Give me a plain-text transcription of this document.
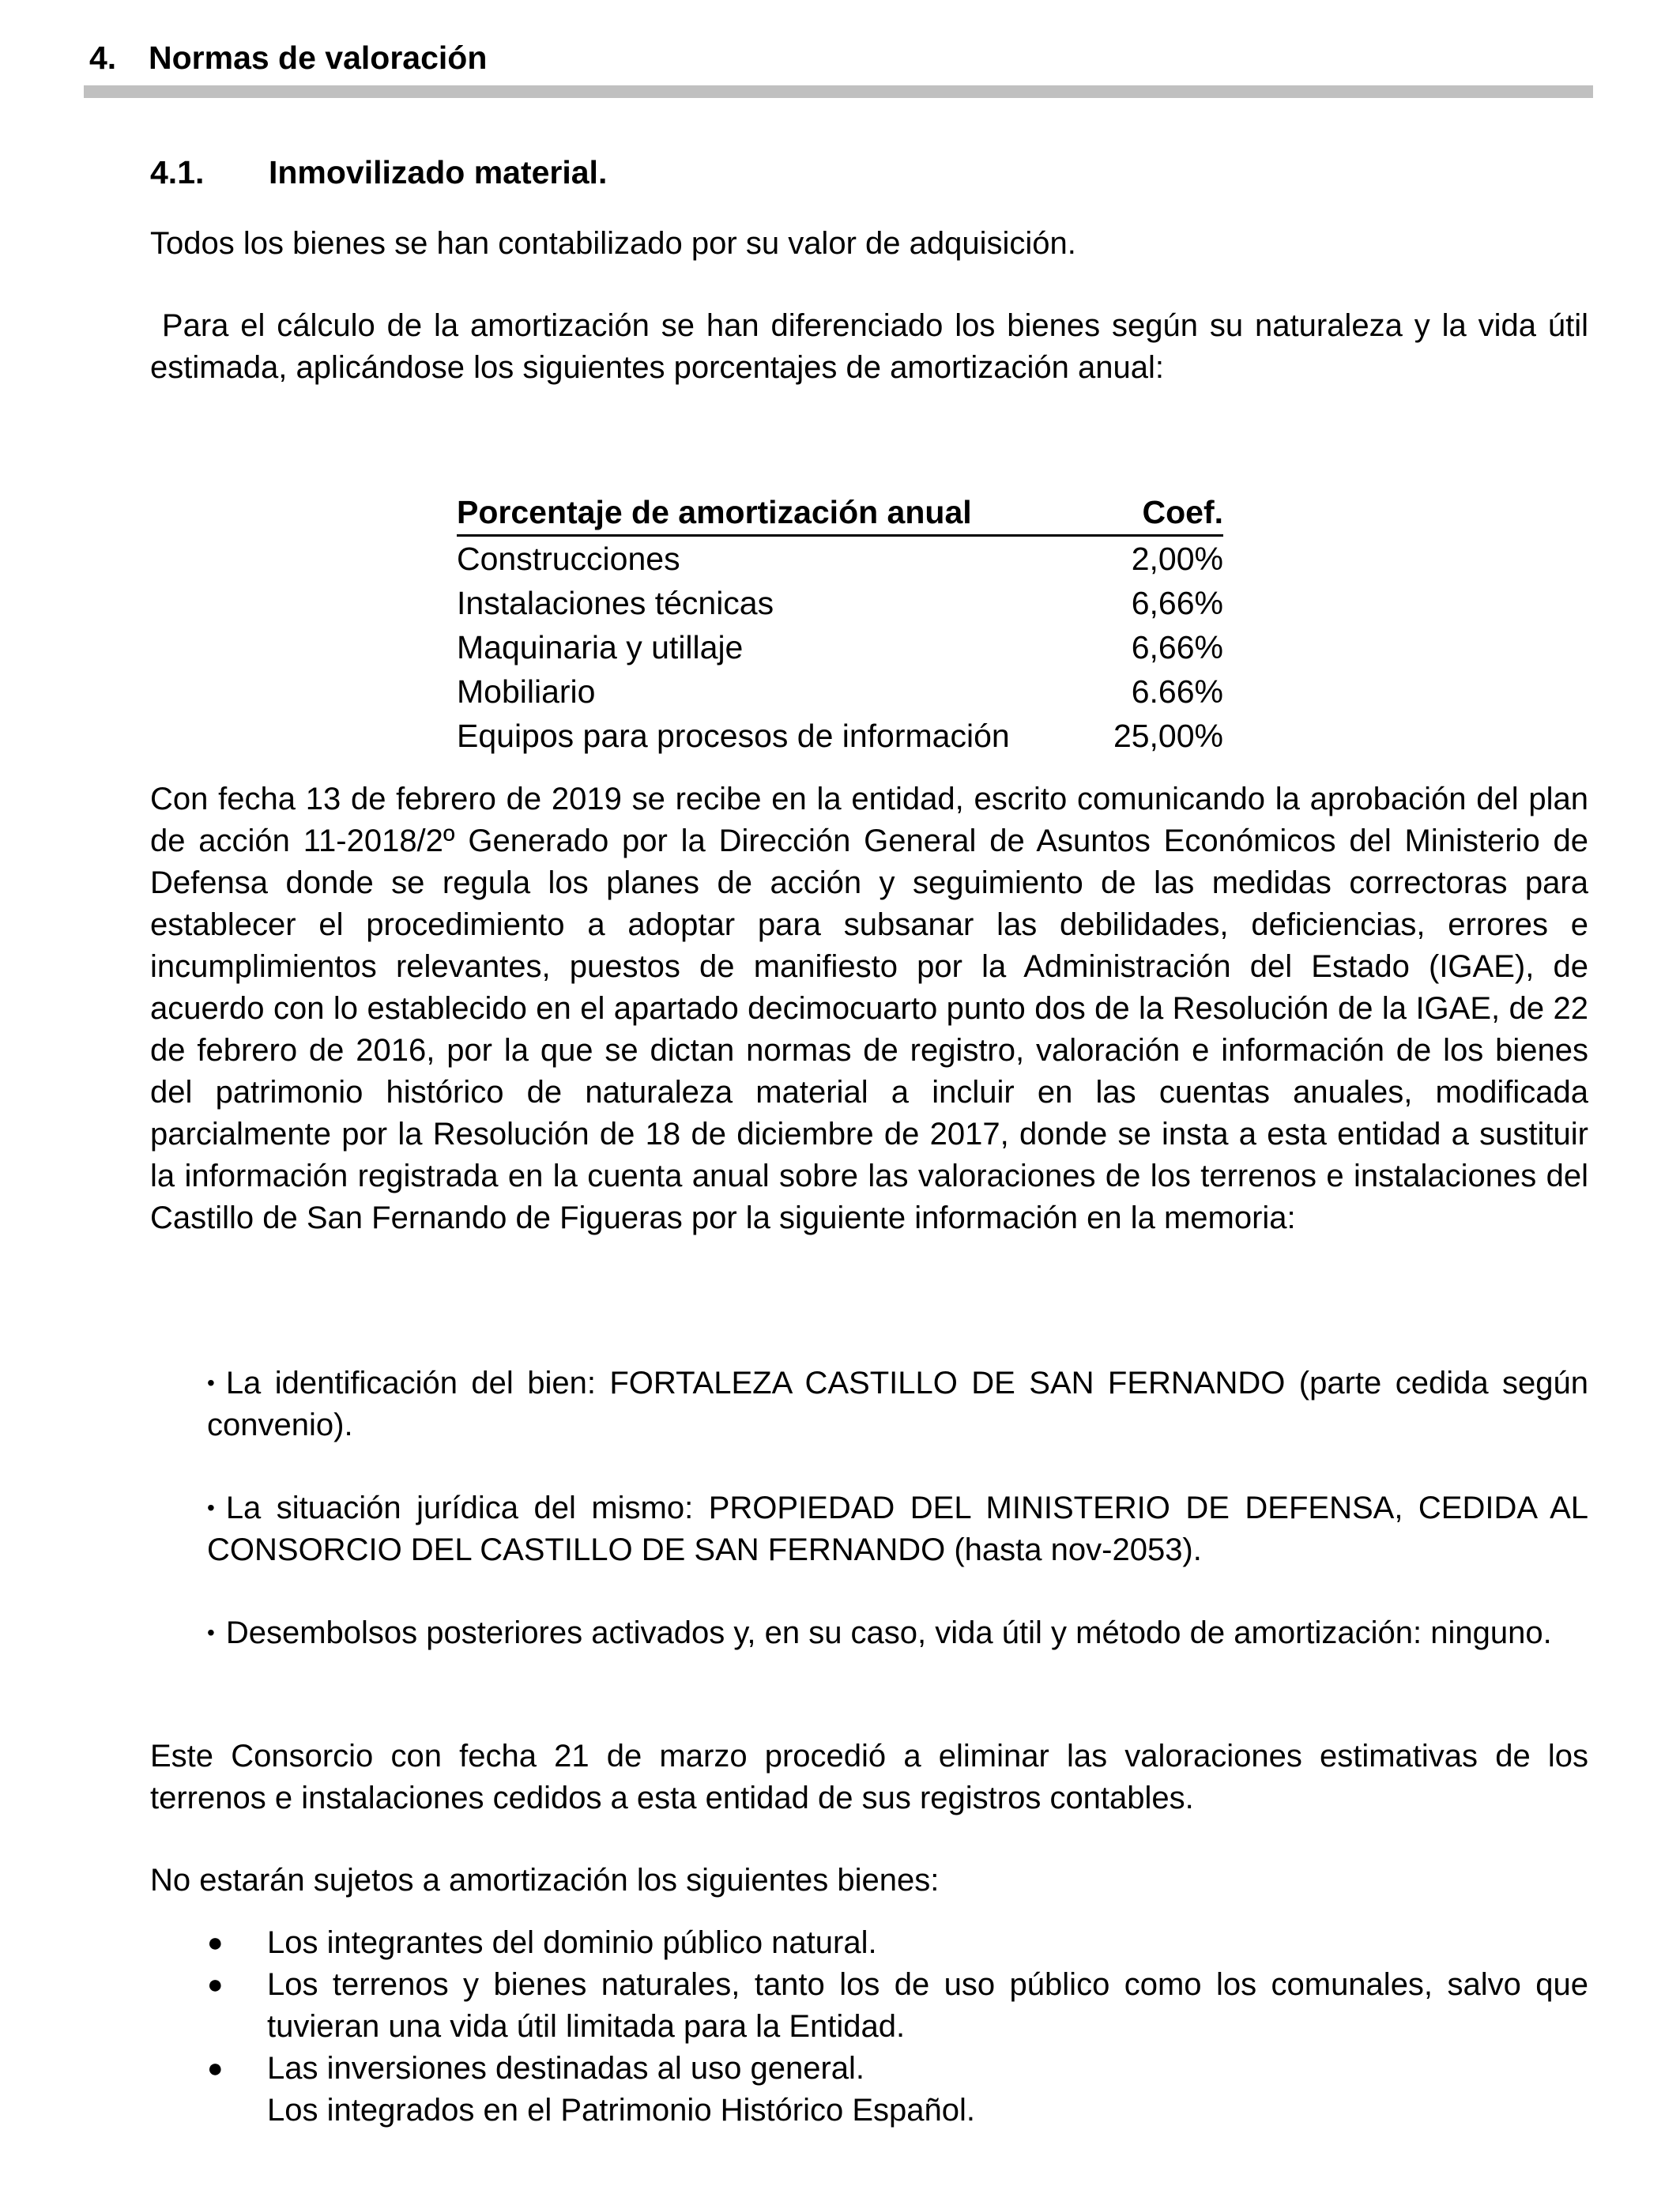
4. Normas de valoración
4.1. Inmovilizado material.

Todos los bienes se han contabilizado por su valor de adquisición.

Para el cálculo de la amortización se han diferenciado los bienes según su naturaleza y la vida útil estimada, aplicándose los siguientes porcentajes de amortización anual:

Porcentaje de amortización anual	Coef.
Construcciones	2,00%
Instalaciones técnicas	6,66%
Maquinaria y utillaje	6,66%
Mobiliario	6.66%
Equipos para procesos de información	25,00%

Con fecha 13 de febrero de 2019 se recibe en la entidad, escrito comunicando la aprobación del plan de acción 11-2018/2º Generado por la Dirección General de Asuntos Económicos del Ministerio de Defensa donde se regula los planes de acción y seguimiento de las medidas correctoras para establecer el procedimiento a adoptar para subsanar las debilidades, deficiencias, errores e incumplimientos relevantes, puestos de manifiesto por la Administración del Estado (IGAE), de acuerdo con lo establecido en el apartado decimocuarto punto dos de la Resolución de la IGAE, de 22 de febrero de 2016, por la que se dictan normas de registro, valoración e información de los bienes del patrimonio histórico de naturaleza material a incluir en las cuentas anuales, modificada parcialmente por la Resolución de 18 de diciembre de 2017, donde se insta a esta entidad a sustituir la información registrada en la cuenta anual sobre las valoraciones de los terrenos e instalaciones del Castillo de San Fernando de Figueras por la siguiente información en la memoria:

• La identificación del bien: FORTALEZA CASTILLO DE SAN FERNANDO (parte cedida según convenio).

• La situación jurídica del mismo: PROPIEDAD DEL MINISTERIO DE DEFENSA, CEDIDA AL CONSORCIO DEL CASTILLO DE SAN FERNANDO (hasta nov-2053).

• Desembolsos posteriores activados y, en su caso, vida útil y método de amortización: ninguno.

Este Consorcio con fecha 21 de marzo procedió a eliminar las valoraciones estimativas de los terrenos e instalaciones cedidos a esta entidad de sus registros contables.

No estarán sujetos a amortización los siguientes bienes:

● Los integrantes del dominio público natural.
● Los terrenos y bienes naturales, tanto los de uso público como los comunales, salvo que tuvieran una vida útil limitada para la Entidad.
● Las inversiones destinadas al uso general.
Los integrados en el Patrimonio Histórico Español.
